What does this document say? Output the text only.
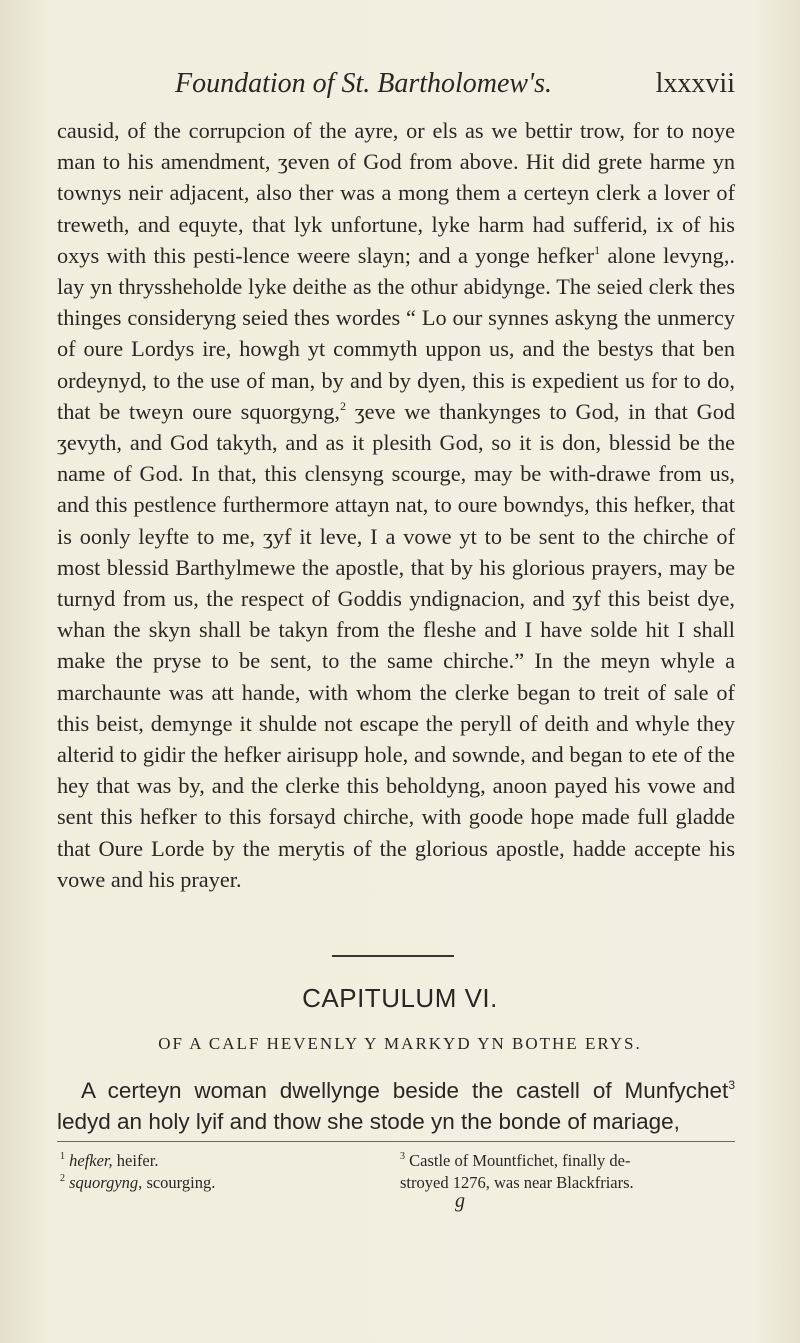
Foundation of St. Bartholomew's.	lxxxvii

causid, of the corrupcion of the ayre, or els as we bettir trow, for to noye man to his amendment, ʒeven of God from above. Hit did grete harme yn townys neir adjacent, also ther was a mong them a certeyn clerk a lover of treweth, and equyte, that lyk unfortune, lyke harm had sufferid, ix of his oxys with this pesti-lence weere slayn; and a yonge hefker$^1$ alone levyng,. lay yn thryssheholde lyke deithe as the othur abidynge. The seied clerk thes thinges consideryng seied thes wordes “ Lo our synnes askyng the unmercy of oure Lordys ire, howgh yt commyth uppon us, and the bestys that ben ordeynyd, to the use of man, by and by dyen, this is expedient us for to do, that be tweyn oure squorgyng,$^2$ ʒeve we thankynges to God, in that God ʒevyth, and God takyth, and as it plesith God, so it is don, blessid be the name of God. In that, this clensyng scourge, may be with-drawe from us, and this pestlence furthermore attayn nat, to oure bowndys, this hefker, that is oonly leyfte to me, ʒyf it leve, I a vowe yt to be sent to the chirche of most blessid Barthylmewe the apostle, that by his glorious prayers, may be turnyd from us, the respect of Goddis yndignacion, and ʒyf this beist dye, whan the skyn shall be takyn from the fleshe and I have solde hit I shall make the pryse to be sent, to the same chirche.” In the meyn whyle a marchaunte was att hande, with whom the clerke began to treit of sale of this beist, demynge it shulde not escape the peryll of deith and whyle they alterid to gidir the hefker airisupp hole, and sownde, and began to ete of the hey that was by, and the clerke this beholdyng, anoon payed his vowe and sent this hefker to this forsayd chirche, with goode hope made full gladde that Oure Lorde by the merytis of the glorious apostle, hadde accepte his vowe and his prayer.

CAPITULUM VI.
OF A CALF HEVENLY Y MARKYD YN BOTHE ERYS.
A certeyn woman dwellynge beside the castell of Munfychet$^3$ ledyd an holy lyif and thow she stode yn the bonde of mariage,
$^1$ hefker, heifer.
$^2$ squorgyng, scourging.
$^3$ Castle of Mountfichet, finally de-
stroyed 1276, was near Blackfriars.
g
